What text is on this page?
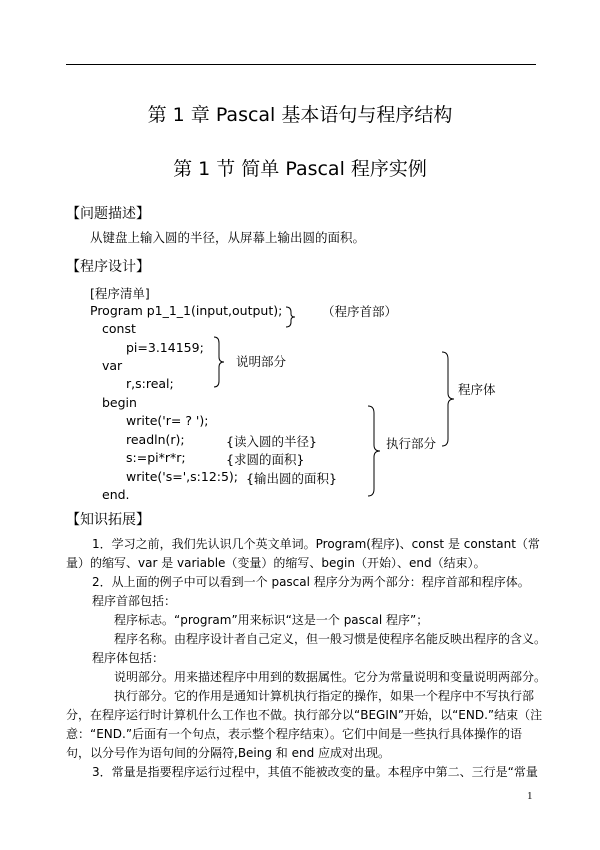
第 1 章 Pascal 基本语句与程序结构
第 1 节 简单 Pascal 程序实例
【问题描述】
从键盘上输入圆的半径，从屏幕上输出圆的面积。
【程序设计】
[程序清单]
Program p1_1_1(input,output);
const
pi=3.14159;
var
r,s:real;
begin
write('r= ? ');
readln(r);
s:=pi*r*r;
write('s=',s:12:5);
end.
{读入圆的半径}
{求圆的面积}
{输出圆的面积}
（程序首部）
说明部分
执行部分
程序体
【知识拓展】

1．学习之前，我们先认识几个英文单词。Program(程序)、const 是 constant（常量）的缩写、var 是 variable（变量）的缩写、begin（开始）、end（结束）。

2．从上面的例子中可以看到一个 pascal 程序分为两个部分：程序首部和程序体。

程序首部包括：

程序标志。“program”用来标识“这是一个 pascal 程序”；

程序名称。由程序设计者自己定义，但一般习惯是使程序名能反映出程序的含义。

程序体包括：

说明部分。用来描述程序中用到的数据属性。它分为常量说明和变量说明两部分。

执行部分。它的作用是通知计算机执行指定的操作，如果一个程序中不写执行部分，在程序运行时计算机什么工作也不做。执行部分以“BEGIN”开始，以“END.”结束（注意：“END.”后面有一个句点，表示整个程序结束）。它们中间是一些执行具体操作的语句，以分号作为语句间的分隔符,Being 和 end 应成对出现。

3．常量是指要程序运行过程中，其值不能被改变的量。本程序中第二、三行是“常量

1
